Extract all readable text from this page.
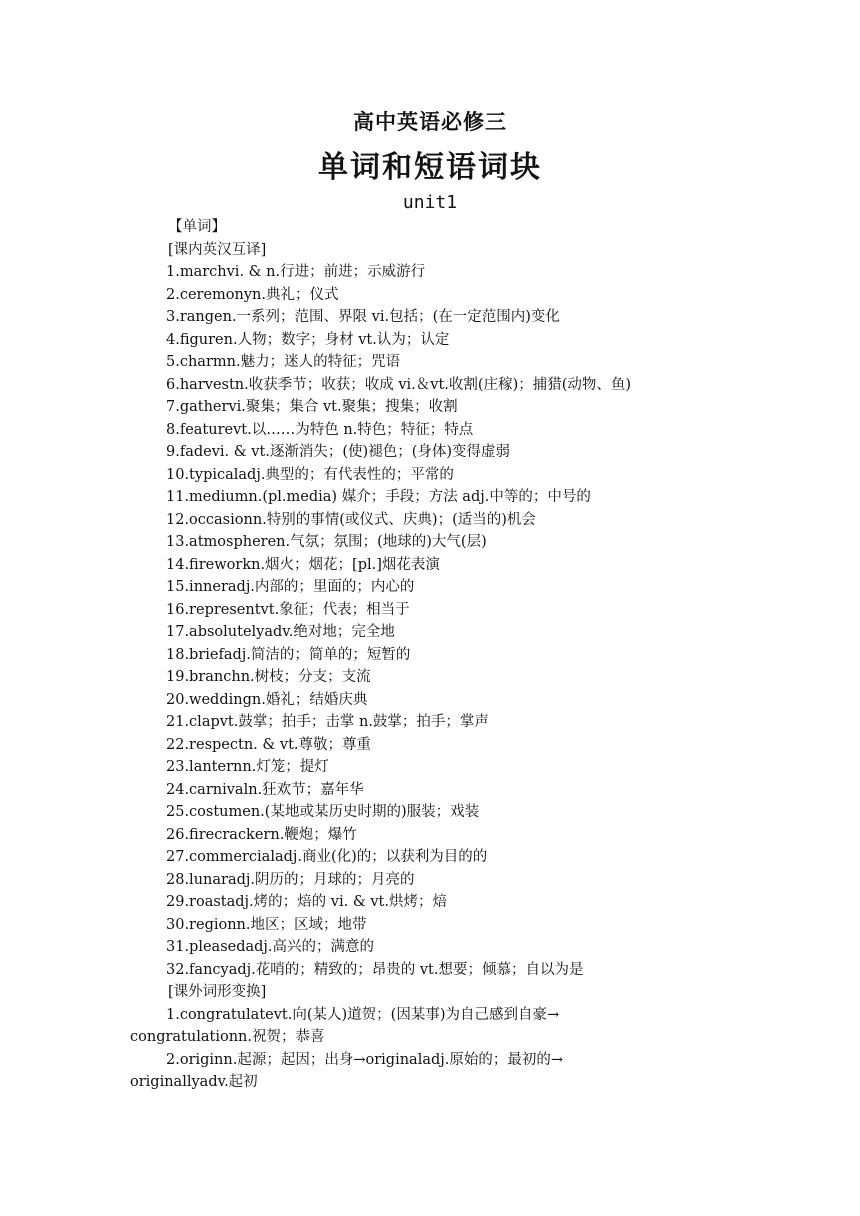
高中英语必修三
单词和短语词块
unit1
【单词】
[课内英汉互译]
1.marchvi. & n.行进；前进；示威游行
2.ceremonyn.典礼；仪式
3.rangen.一系列；范围、界限 vi.包括；(在一定范围内)变化
4.figuren.人物；数字；身材 vt.认为；认定
5.charmn.魅力；迷人的特征；咒语
6.harvestn.收获季节；收获；收成 vi.＆vt.收割(庄稼)；捕猎(动物、鱼)
7.gathervi.聚集；集合 vt.聚集；搜集；收割
8.featurevt.以……为特色 n.特色；特征；特点
9.fadevi. & vt.逐渐消失；(使)褪色；(身体)变得虚弱
10.typicaladj.典型的；有代表性的；平常的
11.mediumn.(pl.media) 媒介；手段；方法 adj.中等的；中号的
12.occasionn.特别的事情(或仪式、庆典)；(适当的)机会
13.atmospheren.气氛；氛围；(地球的)大气(层)
14.fireworkn.烟火；烟花；[pl.]烟花表演
15.inneradj.内部的；里面的；内心的
16.representvt.象征；代表；相当于
17.absolutelyadv.绝对地；完全地
18.briefadj.简洁的；简单的；短暂的
19.branchn.树枝；分支；支流
20.weddingn.婚礼；结婚庆典
21.clapvt.鼓掌；拍手；击掌 n.鼓掌；拍手；掌声
22.respectn. & vt.尊敬；尊重
23.lanternn.灯笼；提灯
24.carnivaln.狂欢节；嘉年华
25.costumen.(某地或某历史时期的)服装；戏装
26.firecrackern.鞭炮；爆竹
27.commercialadj.商业(化)的；以获利为目的的
28.lunaradj.阴历的；月球的；月亮的
29.roastadj.烤的；焙的 vi. & vt.烘烤；焙
30.regionn.地区；区域；地带
31.pleasedadj.高兴的；满意的
32.fancyadj.花哨的；精致的；昂贵的 vt.想要；倾慕；自以为是
[课外词形变换]
1.congratulatevt.向(某人)道贺；(因某事)为自己感到自豪→
congratulationn.祝贺；恭喜
2.originn.起源；起因；出身→originaladj.原始的；最初的→
originallyadv.起初
